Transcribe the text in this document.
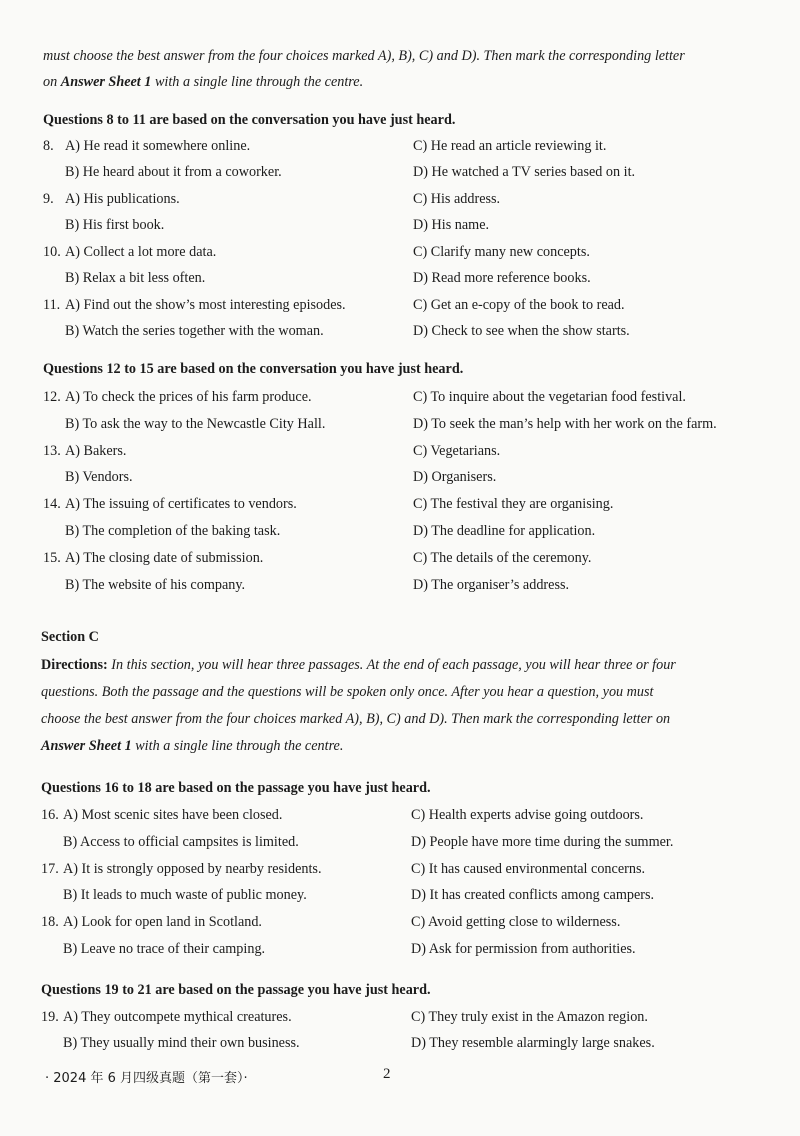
must choose the best answer from the four choices marked A), B), C) and D). Then mark the corresponding letter
on Answer Sheet 1 with a single line through the centre.
Questions 8 to 11 are based on the conversation you have just heard.
8. A) He read it somewhere online.	C) He read an article reviewing it.
B) He heard about it from a coworker.	D) He watched a TV series based on it.
9. A) His publications.	C) His address.
B) His first book.	D) His name.
10. A) Collect a lot more data.	C) Clarify many new concepts.
B) Relax a bit less often.	D) Read more reference books.
11. A) Find out the show’s most interesting episodes.	C) Get an e-copy of the book to read.
B) Watch the series together with the woman.	D) Check to see when the show starts.
Questions 12 to 15 are based on the conversation you have just heard.
12. A) To check the prices of his farm produce.	C) To inquire about the vegetarian food festival.
B) To ask the way to the Newcastle City Hall.	D) To seek the man’s help with her work on the farm.
13. A) Bakers.	C) Vegetarians.
B) Vendors.	D) Organisers.
14. A) The issuing of certificates to vendors.	C) The festival they are organising.
B) The completion of the baking task.	D) The deadline for application.
15. A) The closing date of submission.	C) The details of the ceremony.
B) The website of his company.	D) The organiser’s address.
Section C
Directions: In this section, you will hear three passages. At the end of each passage, you will hear three or four
questions. Both the passage and the questions will be spoken only once. After you hear a question, you must
choose the best answer from the four choices marked A), B), C) and D). Then mark the corresponding letter on
Answer Sheet 1 with a single line through the centre.
Questions 16 to 18 are based on the passage you have just heard.
16. A) Most scenic sites have been closed.	C) Health experts advise going outdoors.
B) Access to official campsites is limited.	D) People have more time during the summer.
17. A) It is strongly opposed by nearby residents.	C) It has caused environmental concerns.
B) It leads to much waste of public money.	D) It has created conflicts among campers.
18. A) Look for open land in Scotland.	C) Avoid getting close to wilderness.
B) Leave no trace of their camping.	D) Ask for permission from authorities.
Questions 19 to 21 are based on the passage you have just heard.
19. A) They outcompete mythical creatures.	C) They truly exist in the Amazon region.
B) They usually mind their own business.	D) They resemble alarmingly large snakes.
· 2024 年 6 月四级真题（第一套）·	2
